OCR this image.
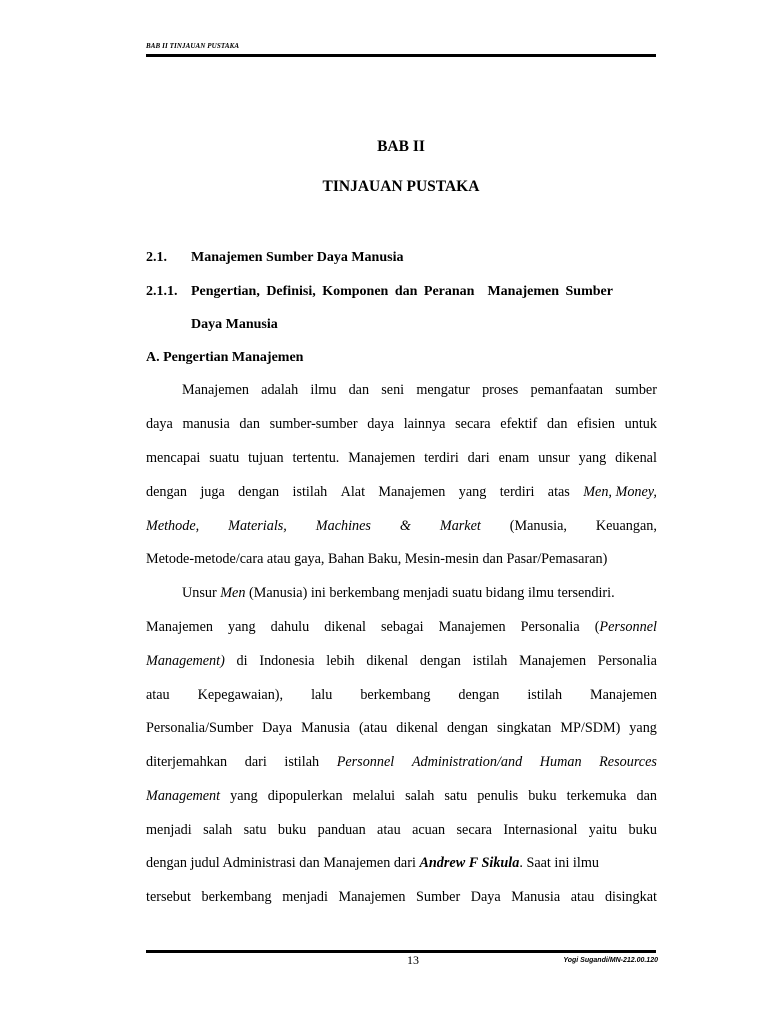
BAB II TINJAUAN PUSTAKA
BAB II
TINJAUAN PUSTAKA
2.1. Manajemen Sumber Daya Manusia
2.1.1. Pengertian, Definisi, Komponen dan Peranan  Manajemen Sumber
Daya Manusia
A. Pengertian Manajemen
Manajemen adalah ilmu dan seni mengatur proses pemanfaatan sumber
daya manusia dan sumber-sumber daya lainnya secara efektif dan efisien untuk
mencapai suatu tujuan tertentu. Manajemen terdiri dari enam unsur yang dikenal
dengan juga dengan istilah Alat Manajemen yang terdiri atas Men, Money,
Methode, Materials, Machines & Market (Manusia, Keuangan,
Metode-metode/cara atau gaya, Bahan Baku, Mesin-mesin dan Pasar/Pemasaran)
Unsur Men (Manusia) ini berkembang menjadi suatu bidang ilmu tersendiri.
Manajemen yang dahulu dikenal sebagai Manajemen Personalia (Personnel
Management) di Indonesia lebih dikenal dengan istilah Manajemen Personalia
atau Kepegawaian), lalu berkembang dengan istilah Manajemen
Personalia/Sumber Daya Manusia (atau dikenal dengan singkatan MP/SDM) yang
diterjemahkan dari istilah Personnel Administration/and Human Resources
Management yang dipopulerkan melalui salah satu penulis buku terkemuka dan
menjadi salah satu buku panduan atau acuan secara Internasional yaitu buku
dengan judul Administrasi dan Manajemen dari Andrew F Sikula . Saat ini ilmu
tersebut berkembang menjadi Manajemen Sumber Daya Manusia atau disingkat
13	Yogi Sugandi/MN-212.00.120
